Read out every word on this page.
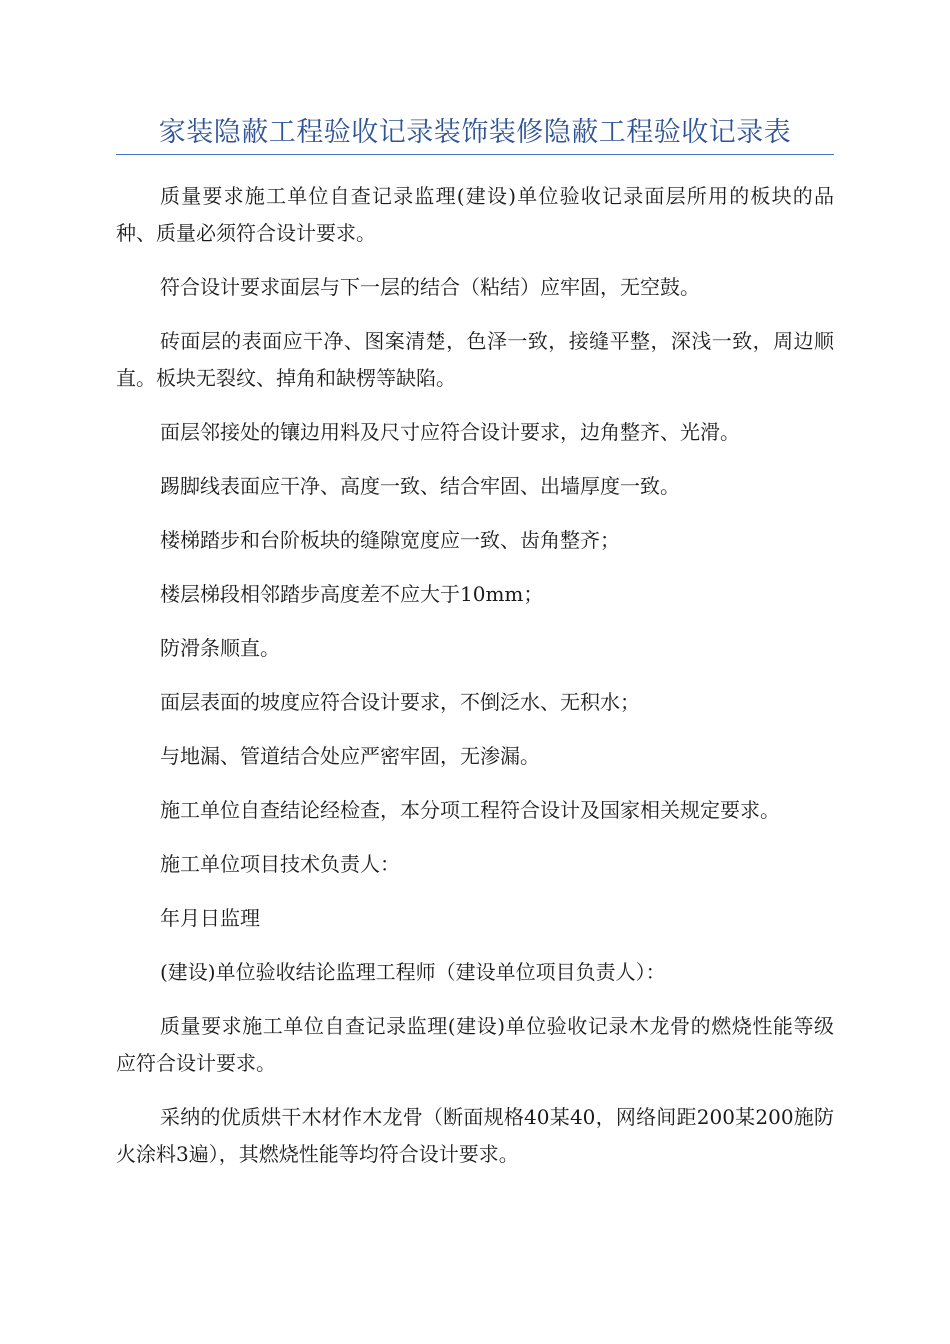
家装隐蔽工程验收记录装饰装修隐蔽工程验收记录表

质量要求施工单位自查记录监理(建设)单位验收记录面层所用的板块的品种、质量必须符合设计要求。

符合设计要求面层与下一层的结合（粘结）应牢固，无空鼓。

砖面层的表面应干净、图案清楚，色泽一致，接缝平整，深浅一致，周边顺直。板块无裂纹、掉角和缺楞等缺陷。

面层邻接处的镶边用料及尺寸应符合设计要求，边角整齐、光滑。

踢脚线表面应干净、高度一致、结合牢固、出墙厚度一致。

楼梯踏步和台阶板块的缝隙宽度应一致、齿角整齐；

楼层梯段相邻踏步高度差不应大于10mm；

防滑条顺直。

面层表面的坡度应符合设计要求，不倒泛水、无积水；

与地漏、管道结合处应严密牢固，无渗漏。

施工单位自查结论经检查，本分项工程符合设计及国家相关规定要求。

施工单位项目技术负责人：

年月日监理

(建设)单位验收结论监理工程师（建设单位项目负责人）：

质量要求施工单位自查记录监理(建设)单位验收记录木龙骨的燃烧性能等级应符合设计要求。

采纳的优质烘干木材作木龙骨（断面规格40某40，网络间距200某200施防火涂料3遍），其燃烧性能等均符合设计要求。
